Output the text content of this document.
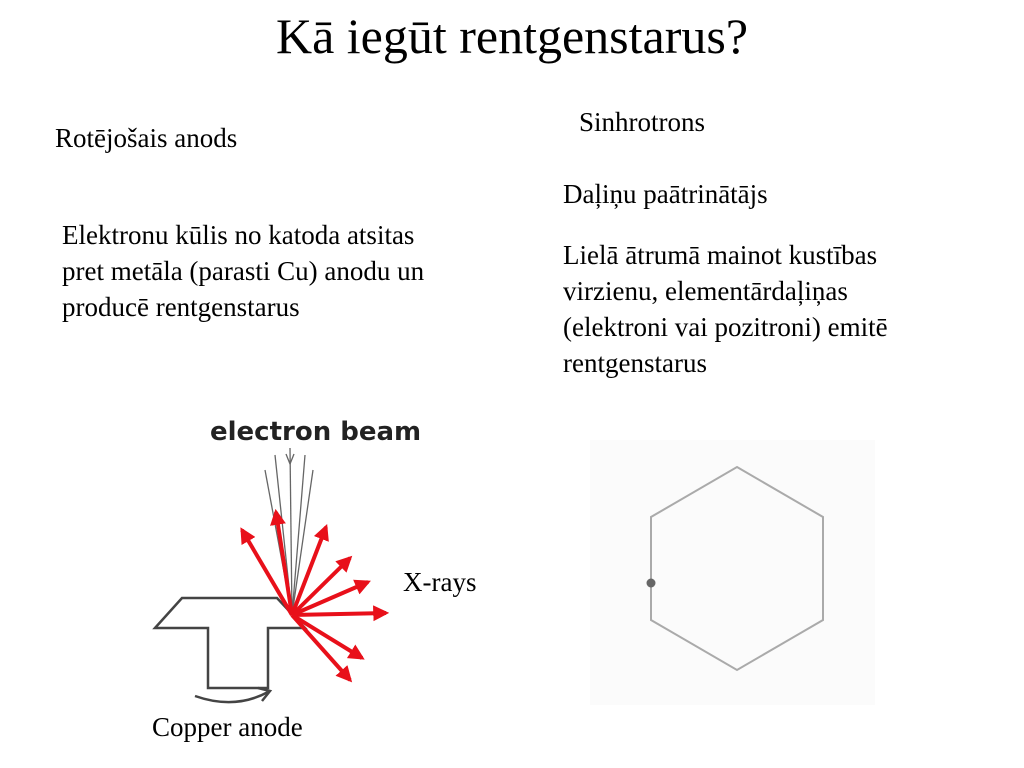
Kā iegūt rentgenstarus?
Rotējošais anods
Sinhrotrons
Daļiņu paātrinātājs

Elektronu kūlis no katoda atsitas pret metāla (parasti Cu) anodu un producē rentgenstarus

Lielā ātrumā mainot kustības virzienu, elementārdaļiņas (elektroni vai pozitroni) emitē rentgenstarus

electron beam
X-rays
Copper anode
